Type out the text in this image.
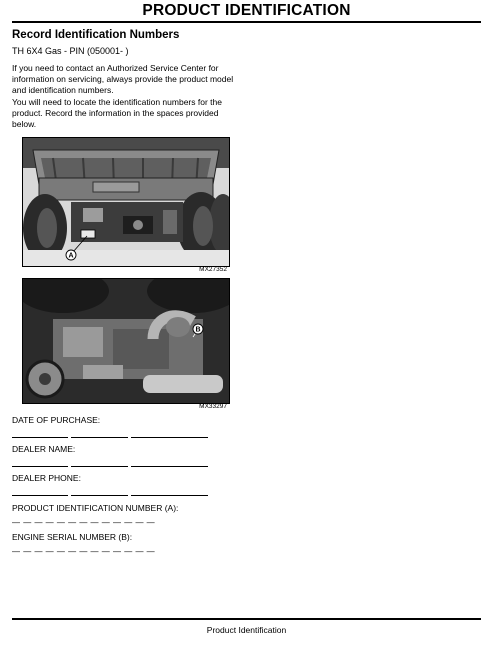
PRODUCT IDENTIFICATION
Record Identification Numbers
TH 6X4 Gas - PIN (050001- )
If you need to contact an Authorized Service Center for information on servicing, always provide the product model and identification numbers.
You will need to locate the identification numbers for the product. Record the information in the spaces provided below.
A
MX27352
B
MX33297
DATE OF PURCHASE:
DEALER NAME:
DEALER PHONE:
PRODUCT IDENTIFICATION NUMBER (A):
— — — — — — — — — — — — —
ENGINE SERIAL NUMBER (B):
— — — — — — — — — — — — —
Product Identification
